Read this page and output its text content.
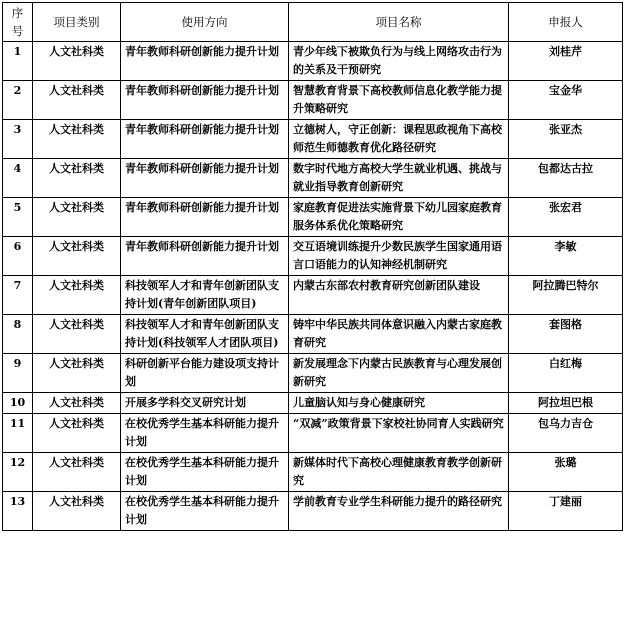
序号	项目类别	使用方向	项目名称	申报人
1	人文社科类	青年教师科研创新能力提升计划	青少年线下被欺负行为与线上网络攻击行为的关系及干预研究	刘桂芹
2	人文社科类	青年教师科研创新能力提升计划	智慧教育背景下高校教师信息化教学能力提升策略研究	宝金华
3	人文社科类	青年教师科研创新能力提升计划	立德树人，守正创新：课程思政视角下高校师范生师德教育优化路径研究	张亚杰
4	人文社科类	青年教师科研创新能力提升计划	数字时代地方高校大学生就业机遇、挑战与就业指导教育创新研究	包都达古拉
5	人文社科类	青年教师科研创新能力提升计划	家庭教育促进法实施背景下幼儿园家庭教育服务体系优化策略研究	张宏君
6	人文社科类	青年教师科研创新能力提升计划	交互语境训练提升少数民族学生国家通用语言口语能力的认知神经机制研究	李敏
7	人文社科类	科技领军人才和青年创新团队支持计划(青年创新团队项目)	内蒙古东部农村教育研究创新团队建设	阿拉腾巴特尔
8	人文社科类	科技领军人才和青年创新团队支持计划(科技领军人才团队项目)	铸牢中华民族共同体意识融入内蒙古家庭教育研究	套图格
9	人文社科类	科研创新平台能力建设项支持计划	新发展理念下内蒙古民族教育与心理发展创新研究	白红梅
10	人文社科类	开展多学科交叉研究计划	儿童脑认知与身心健康研究	阿拉坦巴根
11	人文社科类	在校优秀学生基本科研能力提升计划	“双减”政策背景下家校社协同育人实践研究	包乌力吉仓
12	人文社科类	在校优秀学生基本科研能力提升计划	新媒体时代下高校心理健康教育教学创新研究	张璐
13	人文社科类	在校优秀学生基本科研能力提升计划	学前教育专业学生科研能力提升的路径研究	丁建丽
